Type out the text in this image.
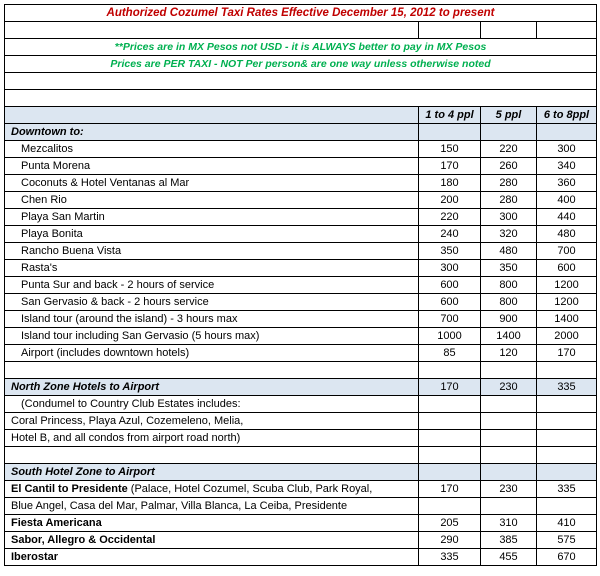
Authorized Cozumel Taxi Rates Effective December 15, 2012 to present			

**Prices are in MX Pesos not USD - it is ALWAYS better to pay in MX Pesos			
Prices are PER TAXI - NOT Per person& are one way unless otherwise noted			

	1 to 4 ppl	5 ppl	6 to 8ppl
Downtown to:			
Mezcalitos	150	220	300
Punta Morena	170	260	340
Coconuts & Hotel Ventanas al Mar	180	280	360
Chen Rio	200	280	400
Playa San Martin	220	300	440
Playa Bonita	240	320	480
Rancho Buena Vista	350	480	700
Rasta's	300	350	600
Punta Sur and back - 2 hours of service	600	800	1200
San Gervasio & back - 2 hours service	600	800	1200
Island tour (around the island) - 3 hours max	700	900	1400
Island tour including San Gervasio (5 hours max)	1000	1400	2000
Airport (includes downtown hotels)	85	120	170

North Zone Hotels to Airport	170	230	335
(Condumel to Country Club Estates includes:			
Coral Princess, Playa Azul, Cozemeleno, Melia,			
Hotel B, and all condos from airport road north)			

South Hotel Zone to Airport			
El Cantil to Presidente (Palace, Hotel Cozumel, Scuba Club, Park Royal,	170	230	335
Blue Angel, Casa del Mar, Palmar, Villa Blanca, La Ceiba, Presidente			
Fiesta Americana	205	310	410
Sabor, Allegro & Occidental	290	385	575
Iberostar	335	455	670
